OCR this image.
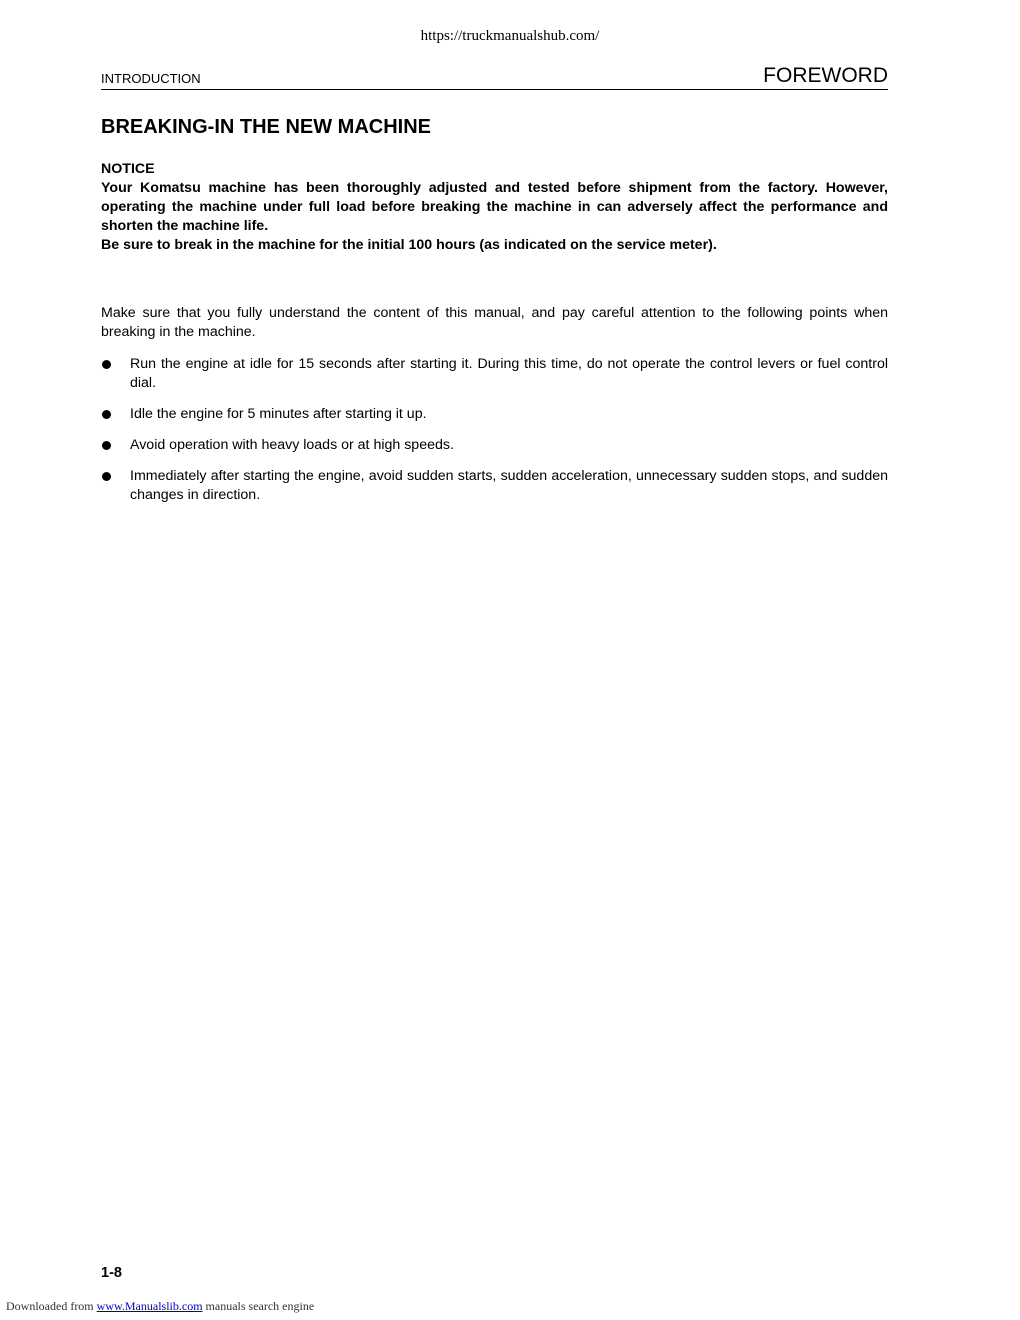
https://truckmanualshub.com/
INTRODUCTION	FOREWORD
BREAKING-IN THE NEW MACHINE

NOTICE

Your Komatsu machine has been thoroughly adjusted and tested before shipment from the factory. However, operating the machine under full load before breaking the machine in can adversely affect the performance and shorten the machine life.

Be sure to break in the machine for the initial 100 hours (as indicated on the service meter).

Make sure that you fully understand the content of this manual, and pay careful attention to the following points when breaking in the machine.

Run the engine at idle for 15 seconds after starting it. During this time, do not operate the control levers or fuel control dial.
Idle the engine for 5 minutes after starting it up.
Avoid operation with heavy loads or at high speeds.
Immediately after starting the engine, avoid sudden starts, sudden acceleration, unnecessary sudden stops, and sudden changes in direction.
1-8
Downloaded from www.Manualslib.com manuals search engine
